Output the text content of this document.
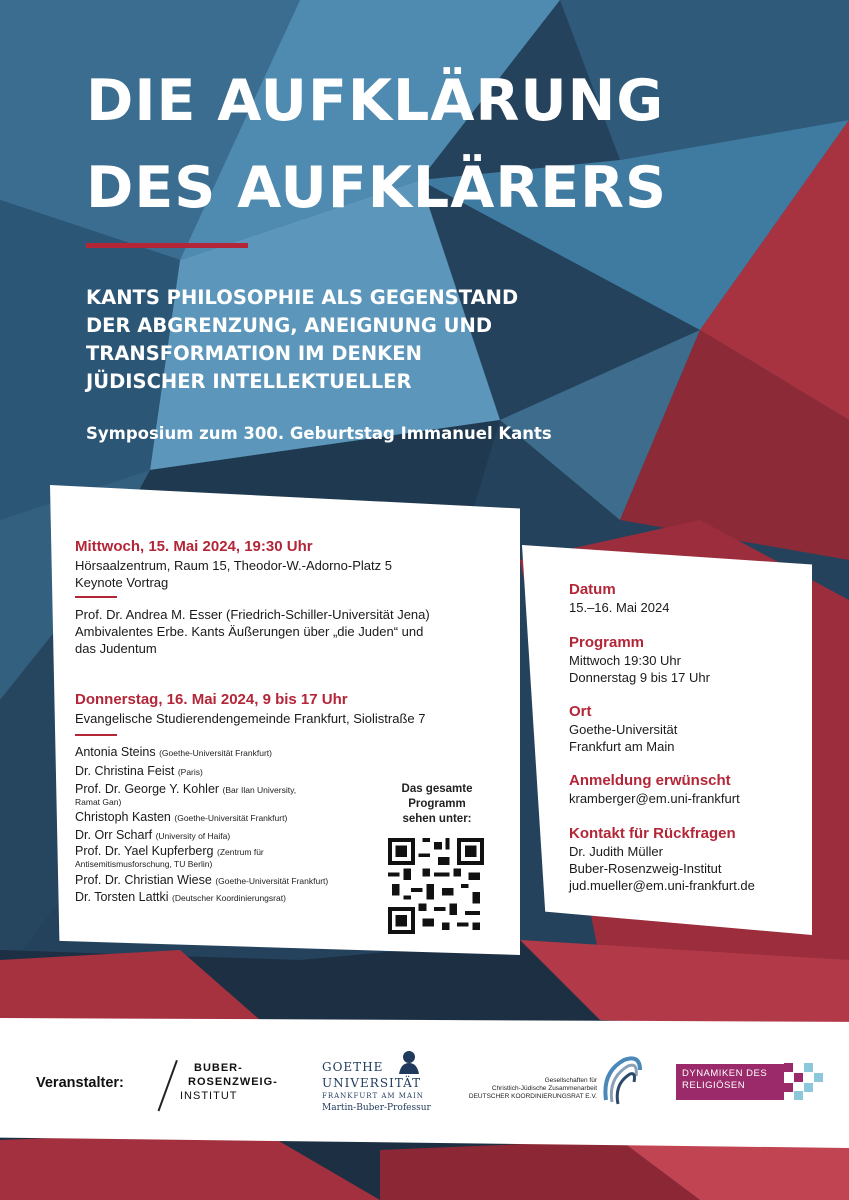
DIE AUFKLÄRUNG
DES AUFKLÄRERS
KANTS PHILOSOPHIE ALS GEGENSTAND
DER ABGRENZUNG, ANEIGNUNG UND
TRANSFORMATION IM DENKEN
JÜDISCHER INTELLEKTUELLER
Symposium zum 300. Geburtstag Immanuel Kants
Mittwoch, 15. Mai 2024, 19:30 Uhr
Hörsaalzentrum, Raum 15, Theodor-W.-Adorno-Platz 5
Keynote Vortrag
Prof. Dr. Andrea M. Esser (Friedrich-Schiller-Universität Jena)
Ambivalentes Erbe. Kants Äußerungen über „die Juden“ und
das Judentum
Donnerstag, 16. Mai 2024, 9 bis 17 Uhr
Evangelische Studierendengemeinde Frankfurt, Siolistraße 7
Antonia Steins (Goethe-Universität Frankfurt)
Dr. Christina Feist (Paris)
Prof. Dr. George Y. Kohler (Bar Ilan University,
Ramat Gan)
Christoph Kasten (Goethe-Universität Frankfurt)
Dr. Orr Scharf (University of Haifa)
Prof. Dr. Yael Kupferberg (Zentrum für
Antisemitismusforschung, TU Berlin)
Prof. Dr. Christian Wiese (Goethe-Universität Frankfurt)
Dr. Torsten Lattki (Deutscher Koordinierungsrat)
Das gesamte
Programm
sehen unter:
Datum
15.–16. Mai 2024
Programm
Mittwoch 19:30 Uhr
Donnerstag 9 bis 17 Uhr
Ort
Goethe-Universität
Frankfurt am Main
Anmeldung erwünscht
kramberger@em.uni-frankfurt
Kontakt für Rückfragen
Dr. Judith Müller
Buber-Rosenzweig-Institut
jud.mueller@em.uni-frankfurt.de
Veranstalter:
BUBER-
ROSENZWEIG-
INSTITUT
GOETHE
UNIVERSITÄT
FRANKFURT AM MAIN
Martin-Buber-Professur
Gesellschaften für
Christlich-Jüdische Zusammenarbeit
DEUTSCHER KOORDINIERUNGSRAT E.V.
DYNAMIKEN DES
RELIGIÖSEN
